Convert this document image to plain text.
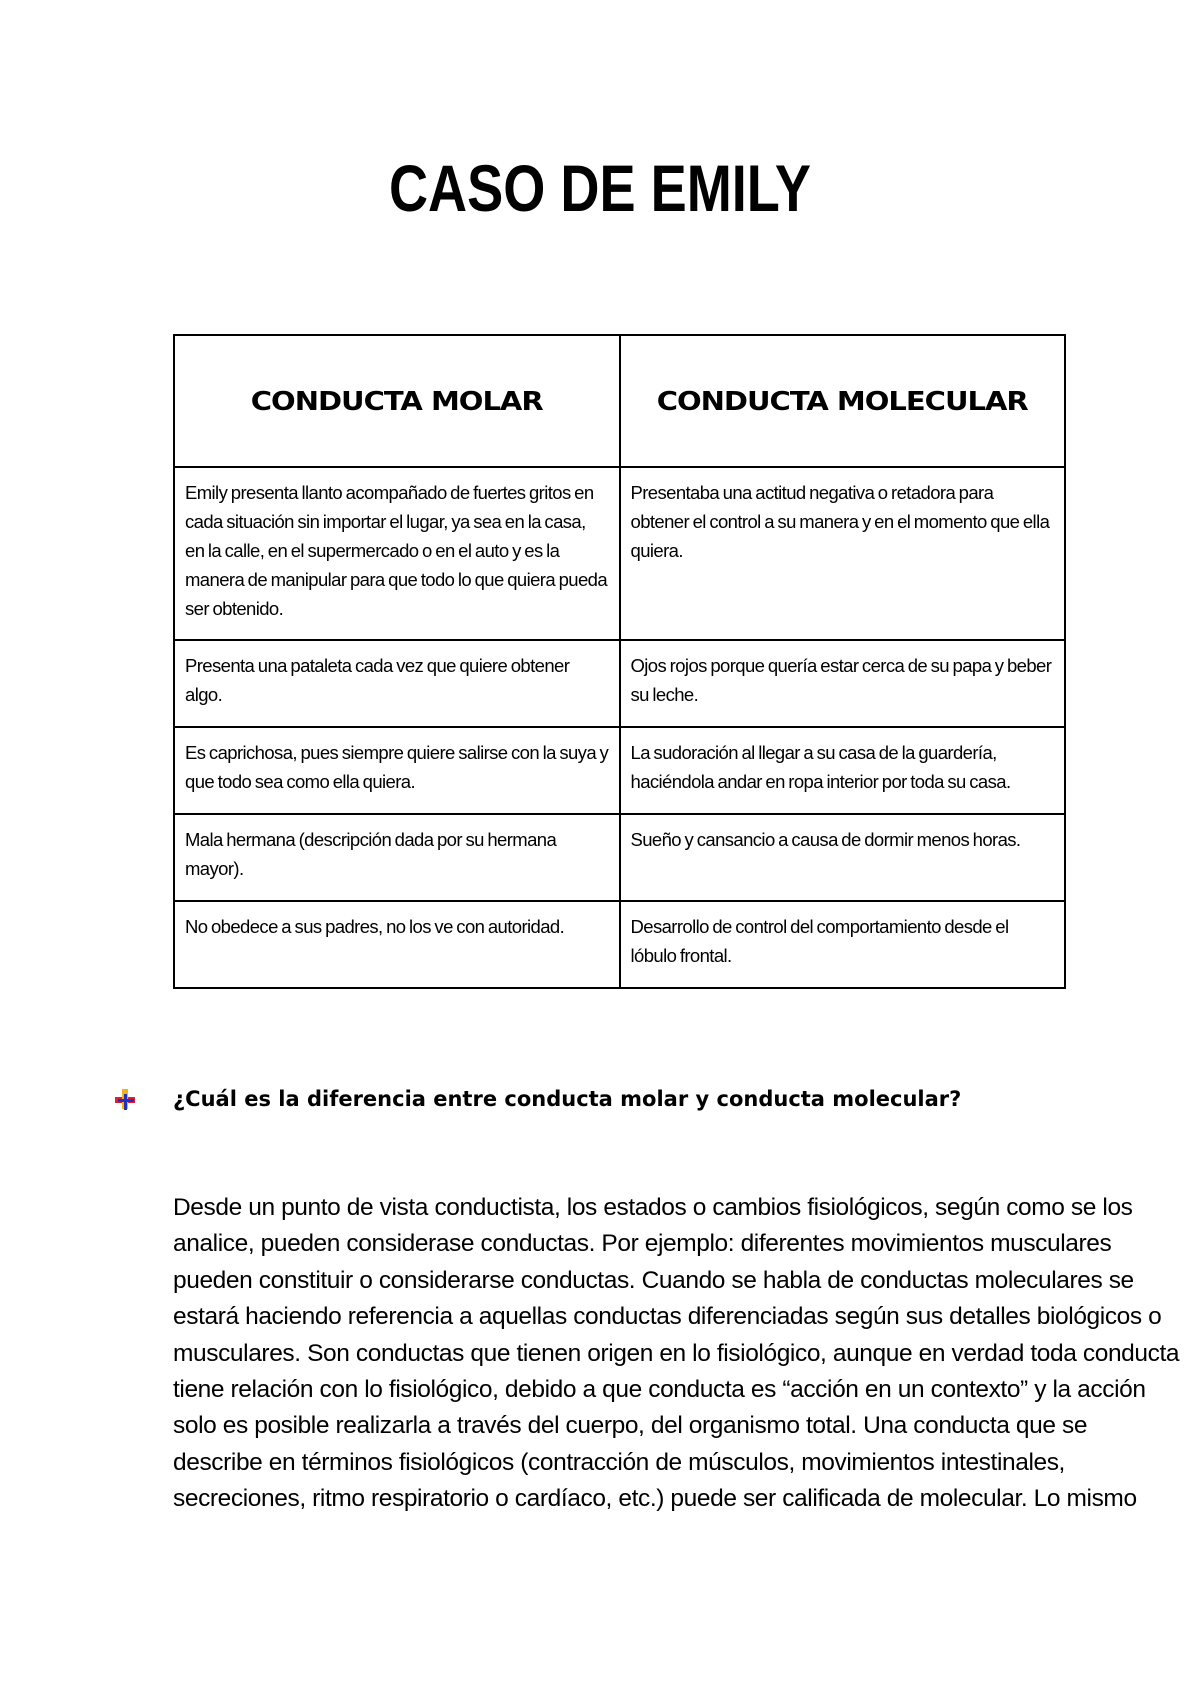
CASO DE EMILY
CONDUCTA MOLAR	CONDUCTA MOLECULAR

Emily presenta llanto acompañado de fuertes gritos en cada situación sin importar el lugar, ya sea en la casa, en la calle, en el supermercado o en el auto y es la manera de manipular para que todo lo que quiera pueda ser obtenido.	Presentaba una actitud negativa o retadora para obtener el control a su manera y en el momento que ella quiera.

Presenta una pataleta cada vez que quiere obtener algo.	Ojos rojos porque quería estar cerca de su papa y beber su leche.

Es caprichosa, pues siempre quiere salirse con la suya y que todo sea como ella quiera.	La sudoración al llegar a su casa de la guardería, haciéndola andar en ropa interior por toda su casa.

Mala hermana (descripción dada por su hermana mayor).	Sueño y cansancio a causa de dormir menos horas.

No obedece a sus padres, no los ve con autoridad.	Desarrollo de control del comportamiento desde el lóbulo frontal.
¿Cuál es la diferencia entre conducta molar y conducta molecular?
Desde un punto de vista conductista, los estados o cambios fisiológicos, según como se los
analice, pueden considerase conductas. Por ejemplo: diferentes movimientos musculares
pueden constituir o considerarse conductas. Cuando se habla de conductas moleculares se
estará haciendo referencia a aquellas conductas diferenciadas según sus detalles biológicos o
musculares. Son conductas que tienen origen en lo fisiológico, aunque en verdad toda conducta
tiene relación con lo fisiológico, debido a que conducta es “acción en un contexto” y la acción
solo es posible realizarla a través del cuerpo, del organismo total. Una conducta que se
describe en términos fisiológicos (contracción de músculos, movimientos intestinales,
secreciones, ritmo respiratorio o cardíaco, etc.) puede ser calificada de molecular. Lo mismo
